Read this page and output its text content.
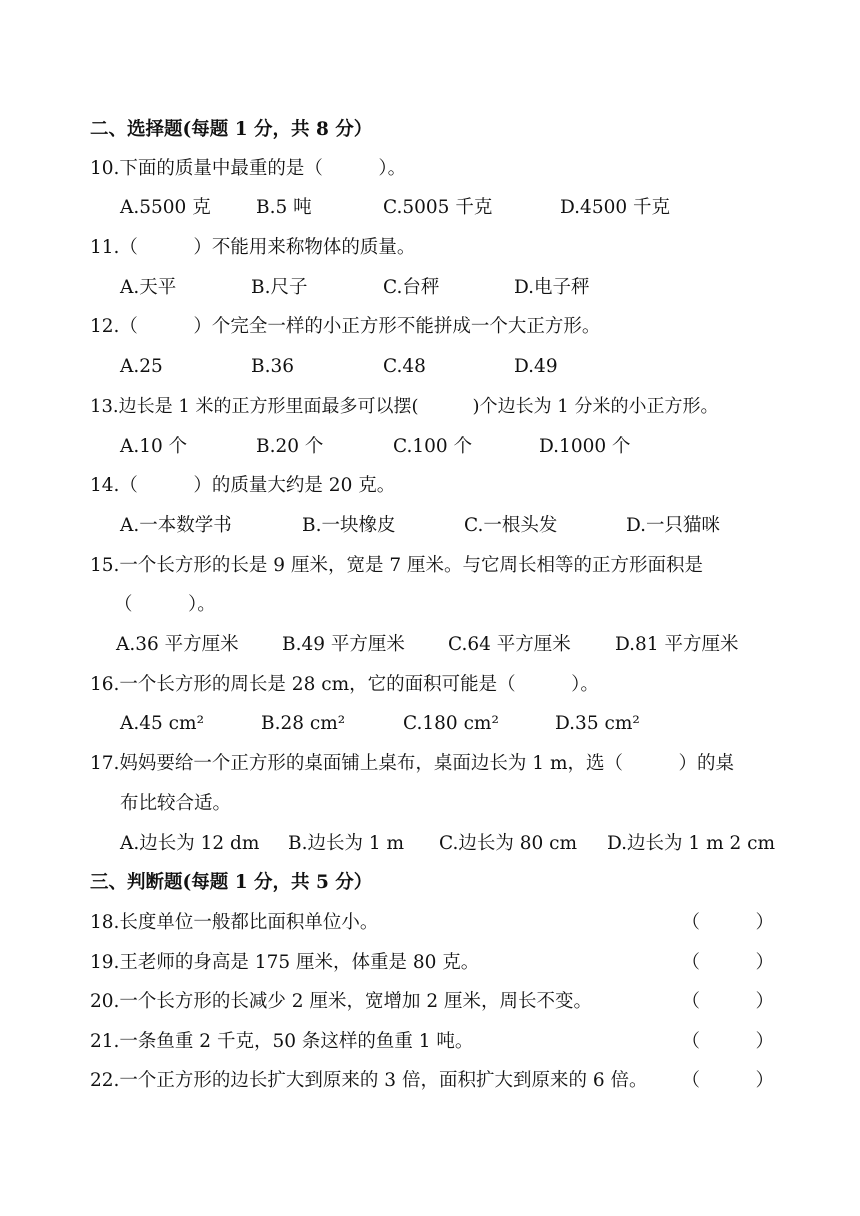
二、选择题(每题 1 分，共 8 分）
10.下面的质量中最重的是（　　　）。
A.5500 克 B.5 吨	C.5005 千克	D.4500 千克
11.（　　　）不能用来称物体的质量。
A.天平	B.尺子	C.台秤	D.电子秤
12.（　　　）个完全一样的小正方形不能拼成一个大正方形。
A.25	B.36	C.48	D.49
13.边长是 1 米的正方形里面最多可以摆(　　　)个边长为 1 分米的小正方形。
A.10 个	B.20 个	C.100 个	D.1000 个
14.（　　　）的质量大约是 20 克。
A.一本数学书	B.一块橡皮	C.一根头发	D.一只猫咪
15.一个长方形的长是 9 厘米，宽是 7 厘米。与它周长相等的正方形面积是
（　　　）。
A.36 平方厘米 B.49 平方厘米 C.64 平方厘米 D.81 平方厘米
16.一个长方形的周长是 28 cm，它的面积可能是（　　　）。
A.45 cm²	B.28 cm²	C.180 cm²	D.35 cm²
17.妈妈要给一个正方形的桌面铺上桌布，桌面边长为 1 m，选（　　　）的桌
布比较合适。
A.边长为 12 dm B.边长为 1 m C.边长为 80 cm D.边长为 1 m 2 cm
三、判断题(每题 1 分，共 5 分）
18.长度单位一般都比面积单位小。	（　　　）
19.王老师的身高是 175 厘米，体重是 80 克。	（　　　）
20.一个长方形的长减少 2 厘米，宽增加 2 厘米，周长不变。	（　　　）
21.一条鱼重 2 千克，50 条这样的鱼重 1 吨。	（　　　）
22.一个正方形的边长扩大到原来的 3 倍，面积扩大到原来的 6 倍。 （　　　）
